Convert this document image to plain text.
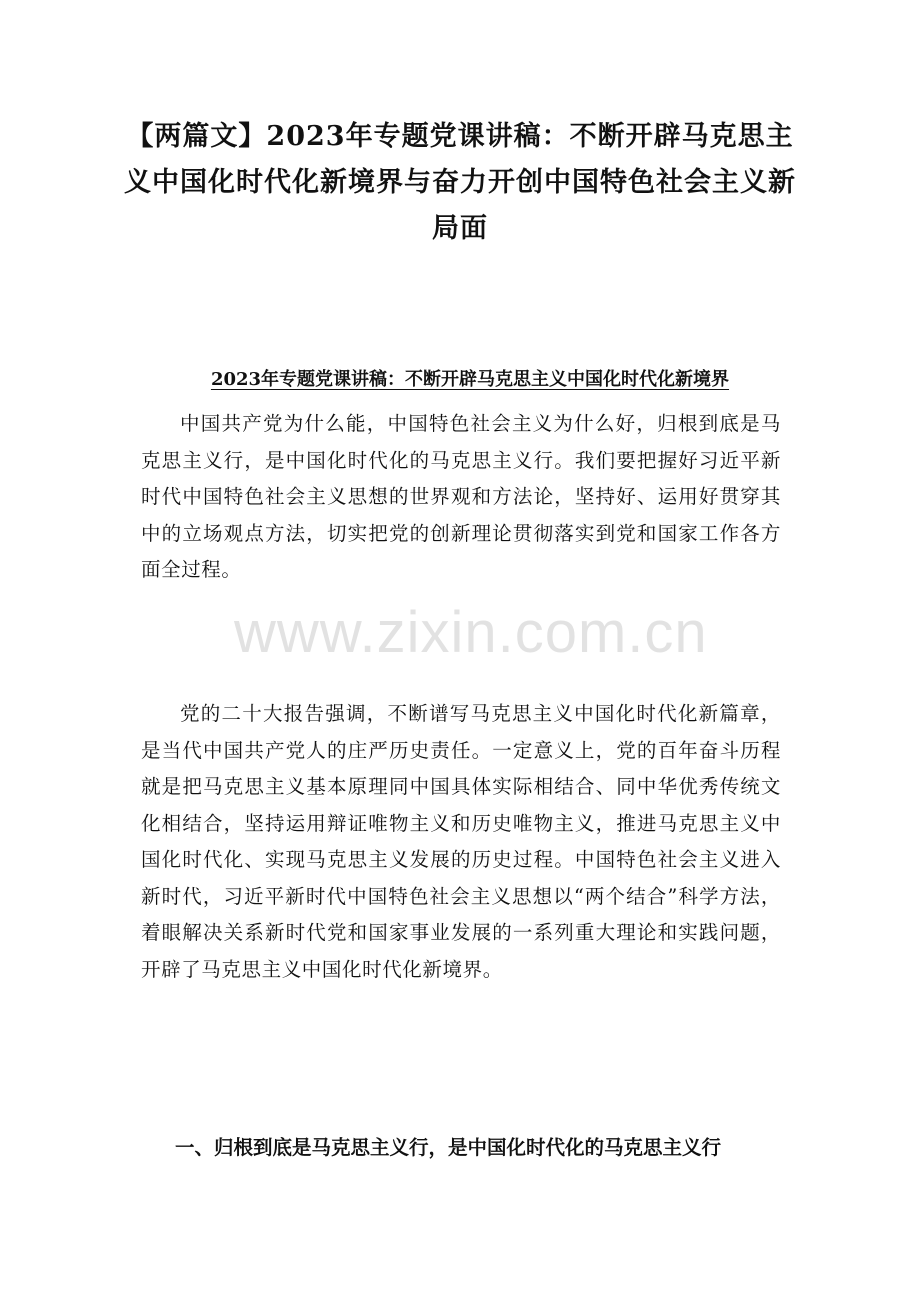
【两篇文】2023年专题党课讲稿：不断开辟马克思主义中国化时代化新境界与奋力开创中国特色社会主义新局面
2023年专题党课讲稿：不断开辟马克思主义中国化时代化新境界

中国共产党为什么能，中国特色社会主义为什么好，归根到底是马克思主义行，是中国化时代化的马克思主义行。我们要把握好习近平新时代中国特色社会主义思想的世界观和方法论，坚持好、运用好贯穿其中的立场观点方法，切实把党的创新理论贯彻落实到党和国家工作各方面全过程。

党的二十大报告强调，不断谱写马克思主义中国化时代化新篇章，是当代中国共产党人的庄严历史责任。一定意义上，党的百年奋斗历程就是把马克思主义基本原理同中国具体实际相结合、同中华优秀传统文化相结合，坚持运用辩证唯物主义和历史唯物主义，推进马克思主义中国化时代化、实现马克思主义发展的历史过程。中国特色社会主义进入新时代，习近平新时代中国特色社会主义思想以“两个结合”科学方法，着眼解决关系新时代党和国家事业发展的一系列重大理论和实践问题，开辟了马克思主义中国化时代化新境界。

一、归根到底是马克思主义行，是中国化时代化的马克思主义行
www.zixin.com.cn
